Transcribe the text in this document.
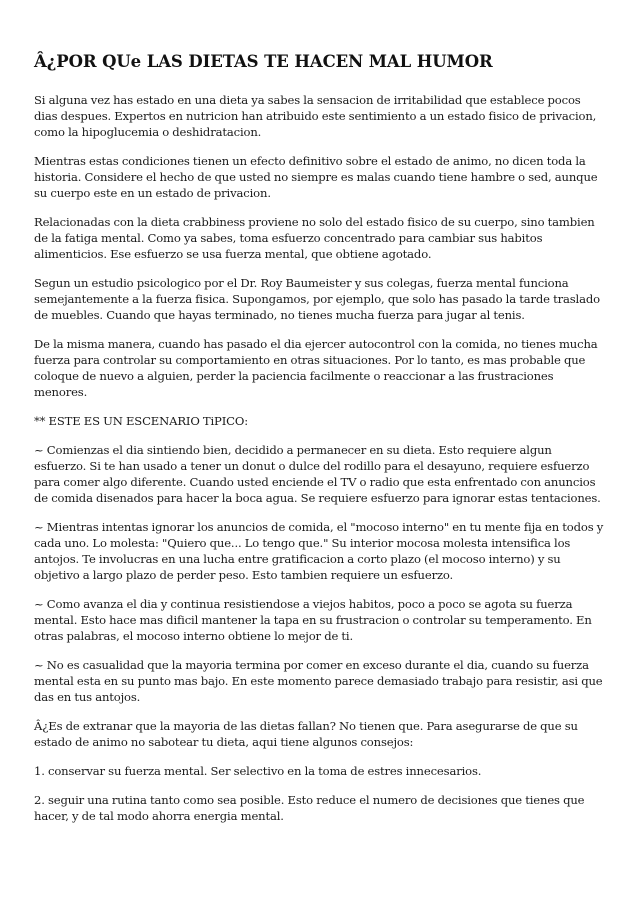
Â¿POR QUe LAS DIETAS TE HACEN MAL HUMOR

Si alguna vez has estado en una dieta ya sabes la sensacion de irritabilidad que establece pocos dias despues. Expertos en nutricion han atribuido este sentimiento a un estado fisico de privacion, como la hipoglucemia o deshidratacion.

Mientras estas condiciones tienen un efecto definitivo sobre el estado de animo, no dicen toda la historia. Considere el hecho de que usted no siempre es malas cuando tiene hambre o sed, aunque su cuerpo este en un estado de privacion.

Relacionadas con la dieta crabbiness proviene no solo del estado fisico de su cuerpo, sino tambien de la fatiga mental. Como ya sabes, toma esfuerzo concentrado para cambiar sus habitos alimenticios. Ese esfuerzo se usa fuerza mental, que obtiene agotado.

Segun un estudio psicologico por el Dr. Roy Baumeister y sus colegas, fuerza mental funciona semejantemente a la fuerza fisica. Supongamos, por ejemplo, que solo has pasado la tarde traslado de muebles. Cuando que hayas terminado, no tienes mucha fuerza para jugar al tenis.

De la misma manera, cuando has pasado el dia ejercer autocontrol con la comida, no tienes mucha fuerza para controlar su comportamiento en otras situaciones. Por lo tanto, es mas probable que coloque de nuevo a alguien, perder la paciencia facilmente o reaccionar a las frustraciones menores.

** ESTE ES UN ESCENARIO TiPICO:

~ Comienzas el dia sintiendo bien, decidido a permanecer en su dieta. Esto requiere algun esfuerzo. Si te han usado a tener un donut o dulce del rodillo para el desayuno, requiere esfuerzo para comer algo diferente. Cuando usted enciende el TV o radio que esta enfrentado con anuncios de comida disenados para hacer la boca agua. Se requiere esfuerzo para ignorar estas tentaciones.

~ Mientras intentas ignorar los anuncios de comida, el "mocoso interno" en tu mente fija en todos y cada uno. Lo molesta: "Quiero que... Lo tengo que." Su interior mocosa molesta intensifica los antojos. Te involucras en una lucha entre gratificacion a corto plazo (el mocoso interno) y su objetivo a largo plazo de perder peso. Esto tambien requiere un esfuerzo.

~ Como avanza el dia y continua resistiendose a viejos habitos, poco a poco se agota su fuerza mental. Esto hace mas dificil mantener la tapa en su frustracion o controlar su temperamento. En otras palabras, el mocoso interno obtiene lo mejor de ti.

~ No es casualidad que la mayoria termina por comer en exceso durante el dia, cuando su fuerza mental esta en su punto mas bajo. En este momento parece demasiado trabajo para resistir, asi que das en tus antojos.

Â¿Es de extranar que la mayoria de las dietas fallan? No tienen que. Para asegurarse de que su estado de animo no sabotear tu dieta, aqui tiene algunos consejos:

1. conservar su fuerza mental. Ser selectivo en la toma de estres innecesarios.

2. seguir una rutina tanto como sea posible. Esto reduce el numero de decisiones que tienes que hacer, y de tal modo ahorra energia mental.
